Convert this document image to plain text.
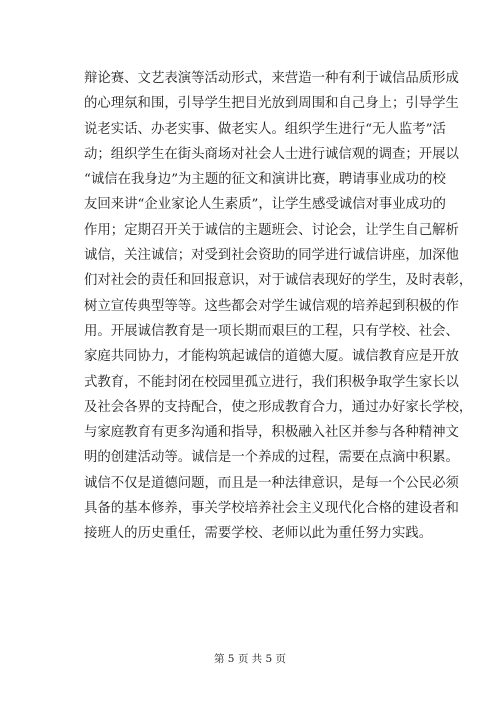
辩论赛、文艺表演等活动形式，来营造一种有利于诚信品质形成
的心理氛和围，引导学生把目光放到周围和自己身上；引导学生
说老实话、办老实事、做老实人。组织学生进行“无人监考”活
动；组织学生在街头商场对社会人士进行诚信观的调查；开展以
“诚信在我身边”为主题的征文和演讲比赛，聘请事业成功的校
友回来讲“企业家论人生素质”，让学生感受诚信对事业成功的
作用；定期召开关于诚信的主题班会、讨论会，让学生自己解析
诚信，关注诚信；对受到社会资助的同学进行诚信讲座，加深他
们对社会的责任和回报意识，对于诚信表现好的学生，及时表彰，
树立宣传典型等等。这些都会对学生诚信观的培养起到积极的作
用。开展诚信教育是一项长期而艰巨的工程，只有学校、社会、
家庭共同协力，才能构筑起诚信的道德大厦。诚信教育应是开放
式教育，不能封闭在校园里孤立进行，我们积极争取学生家长以
及社会各界的支持配合，使之形成教育合力，通过办好家长学校，
与家庭教育有更多沟通和指导，积极融入社区并参与各种精神文
明的创建活动等。诚信是一个养成的过程，需要在点滴中积累。
诚信不仅是道德问题，而且是一种法律意识，是每一个公民必须
具备的基本修养，事关学校培养社会主义现代化合格的建设者和
接班人的历史重任，需要学校、老师以此为重任努力实践。
第 5 页 共 5 页
